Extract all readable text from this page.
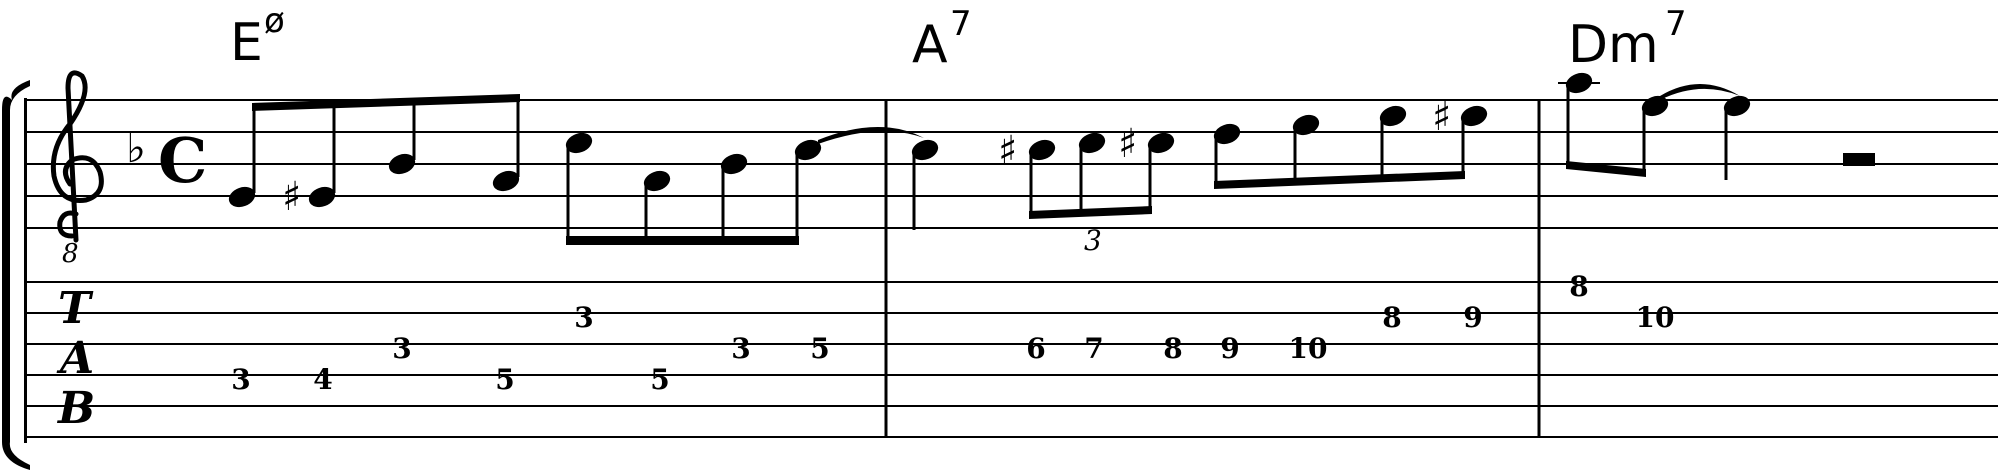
E ø	A 7	Dm 7
8
♭ C
T
A
B
♯
♯	♯
♯
3
3 4
3
5
3
5
3 5	6 7 8 9 10
8 9
8
10
